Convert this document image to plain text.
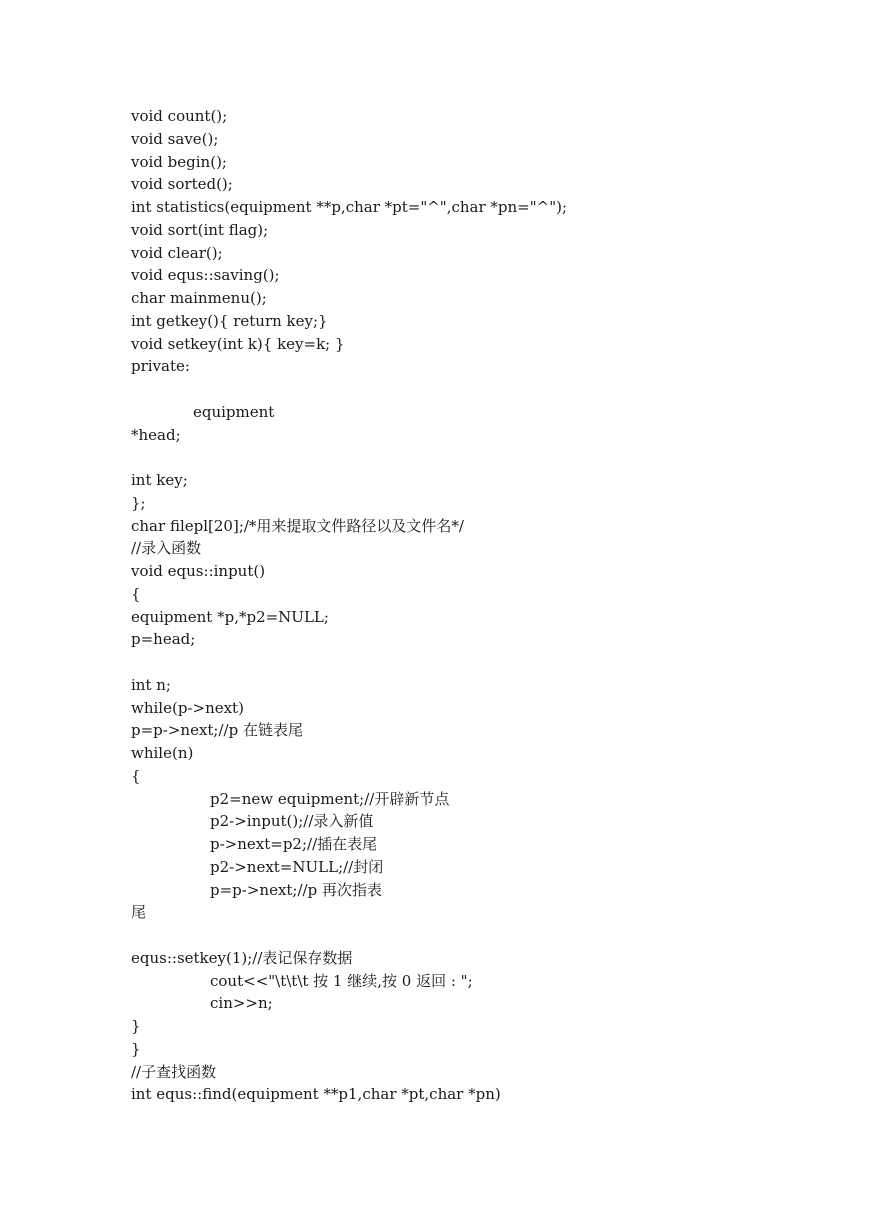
void count();
void save();
void begin();
void sorted();
int statistics(equipment **p,char *pt="^",char *pn="^");
void sort(int flag);
void clear();
void equs::saving();
char mainmenu();
int getkey(){ return key;}
void setkey(int k){ key=k; }
private:
equipment
*head;
int key;
};
char filepl[20];/*用来提取文件路径以及文件名*/
//录入函数
void equs::input()
{
equipment *p,*p2=NULL;
p=head;
int n;
while(p->next)
p=p->next;//p 在链表尾
while(n)
{
p2=new equipment;//开辟新节点
p2->input();//录入新值
p->next=p2;//插在表尾
p2->next=NULL;//封闭
p=p->next;//p 再次指表
尾
equs::setkey(1);//表记保存数据
cout<<"\t\t\t 按 1 继续,按 0 返回 : ";
cin>>n;
}
}
//子查找函数
int equs::find(equipment **p1,char *pt,char *pn)
